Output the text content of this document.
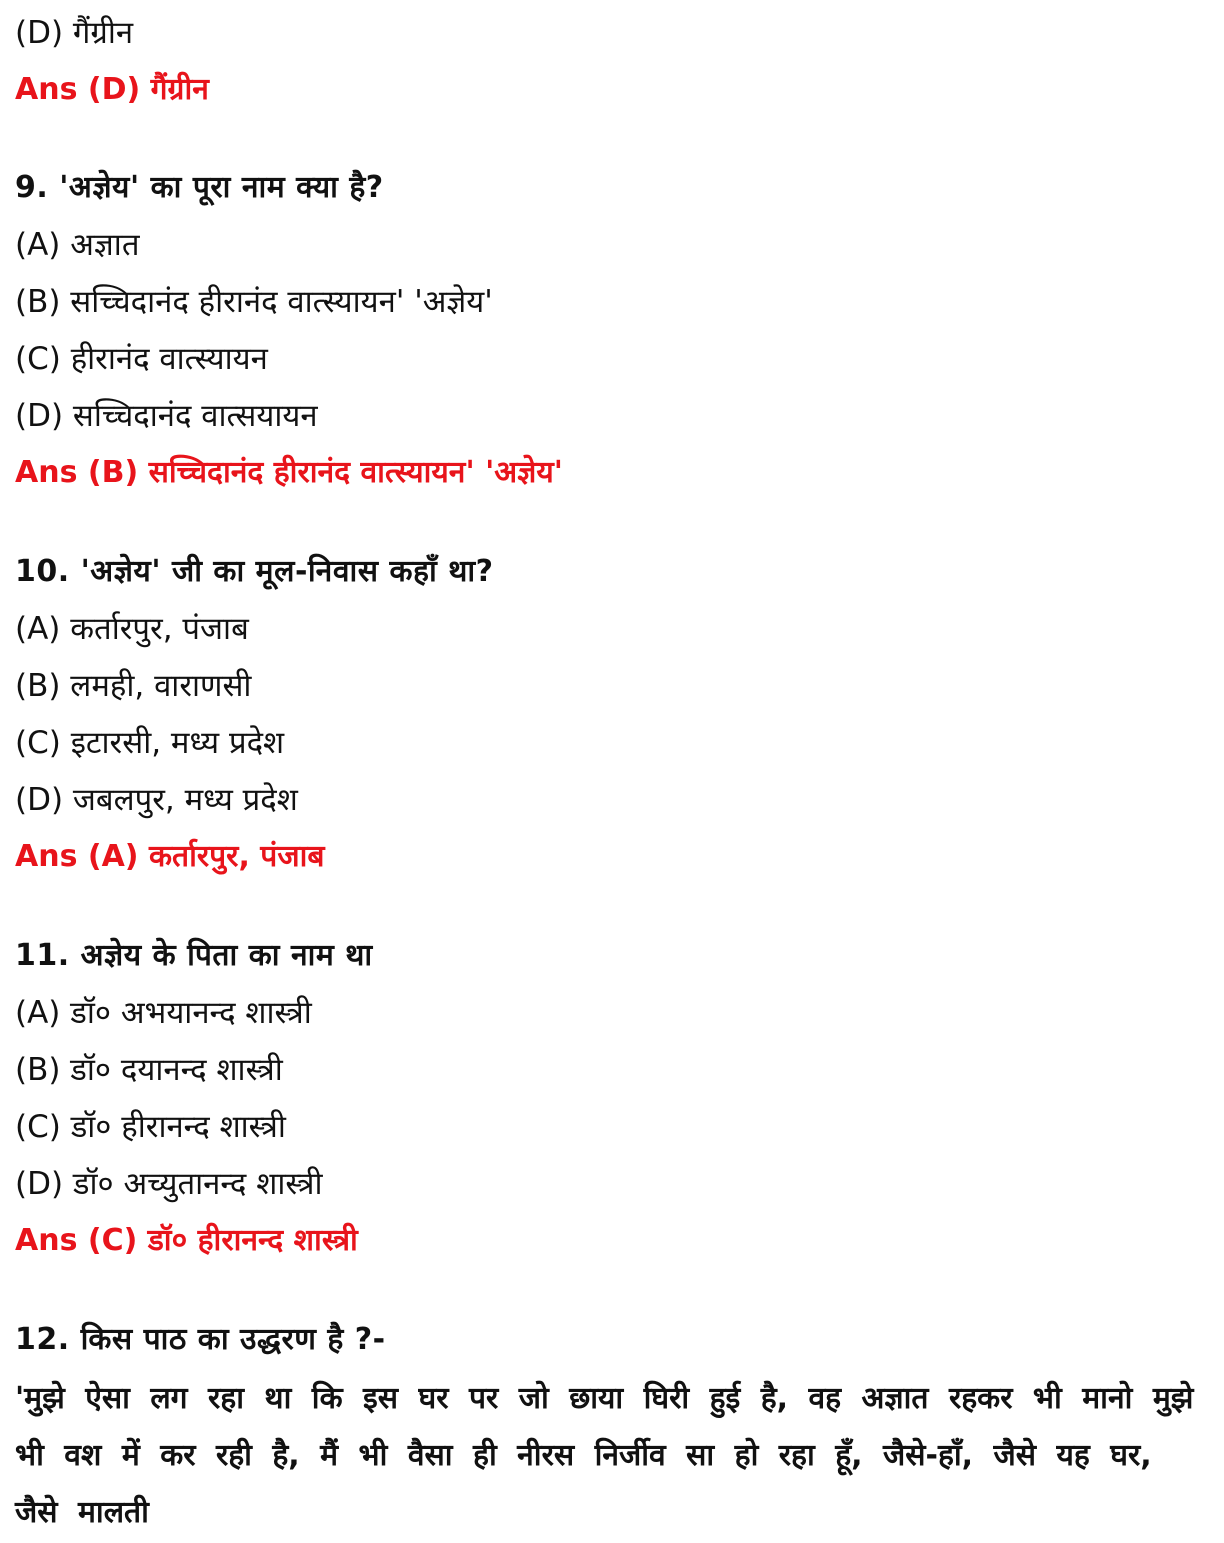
(D) गैंग्रीन
Ans (D) गैंग्रीन
9. 'अज्ञेय' का पूरा नाम क्या है?
(A) अज्ञात
(B) सच्चिदानंद हीरानंद वात्स्यायन' 'अज्ञेय'
(C) हीरानंद वात्स्यायन
(D) सच्चिदानंद वात्सयायन
Ans (B) सच्चिदानंद हीरानंद वात्स्यायन' 'अज्ञेय'
10. 'अज्ञेय' जी का मूल-निवास कहाँ था?
(A) कर्तारपुर, पंजाब
(B) लमही, वाराणसी
(C) इटारसी, मध्य प्रदेश
(D) जबलपुर, मध्य प्रदेश
Ans (A) कर्तारपुर, पंजाब
11. अज्ञेय के पिता का नाम था
(A) डॉ० अभयानन्द शास्त्री
(B) डॉ० दयानन्द शास्त्री
(C) डॉ० हीरानन्द शास्त्री
(D) डॉ० अच्युतानन्द शास्त्री
Ans (C) डॉ० हीरानन्द शास्त्री
12. किस पाठ का उद्धरण है ?-
'मुझे ऐसा लग रहा था कि इस घर पर जो छाया घिरी हुई है, वह अज्ञात रहकर भी मानो मुझे भी वश में कर रही है, मैं भी वैसा ही नीरस निर्जीव सा हो रहा हूँ, जैसे-हाँ, जैसे यह घर, जैसे मालती
